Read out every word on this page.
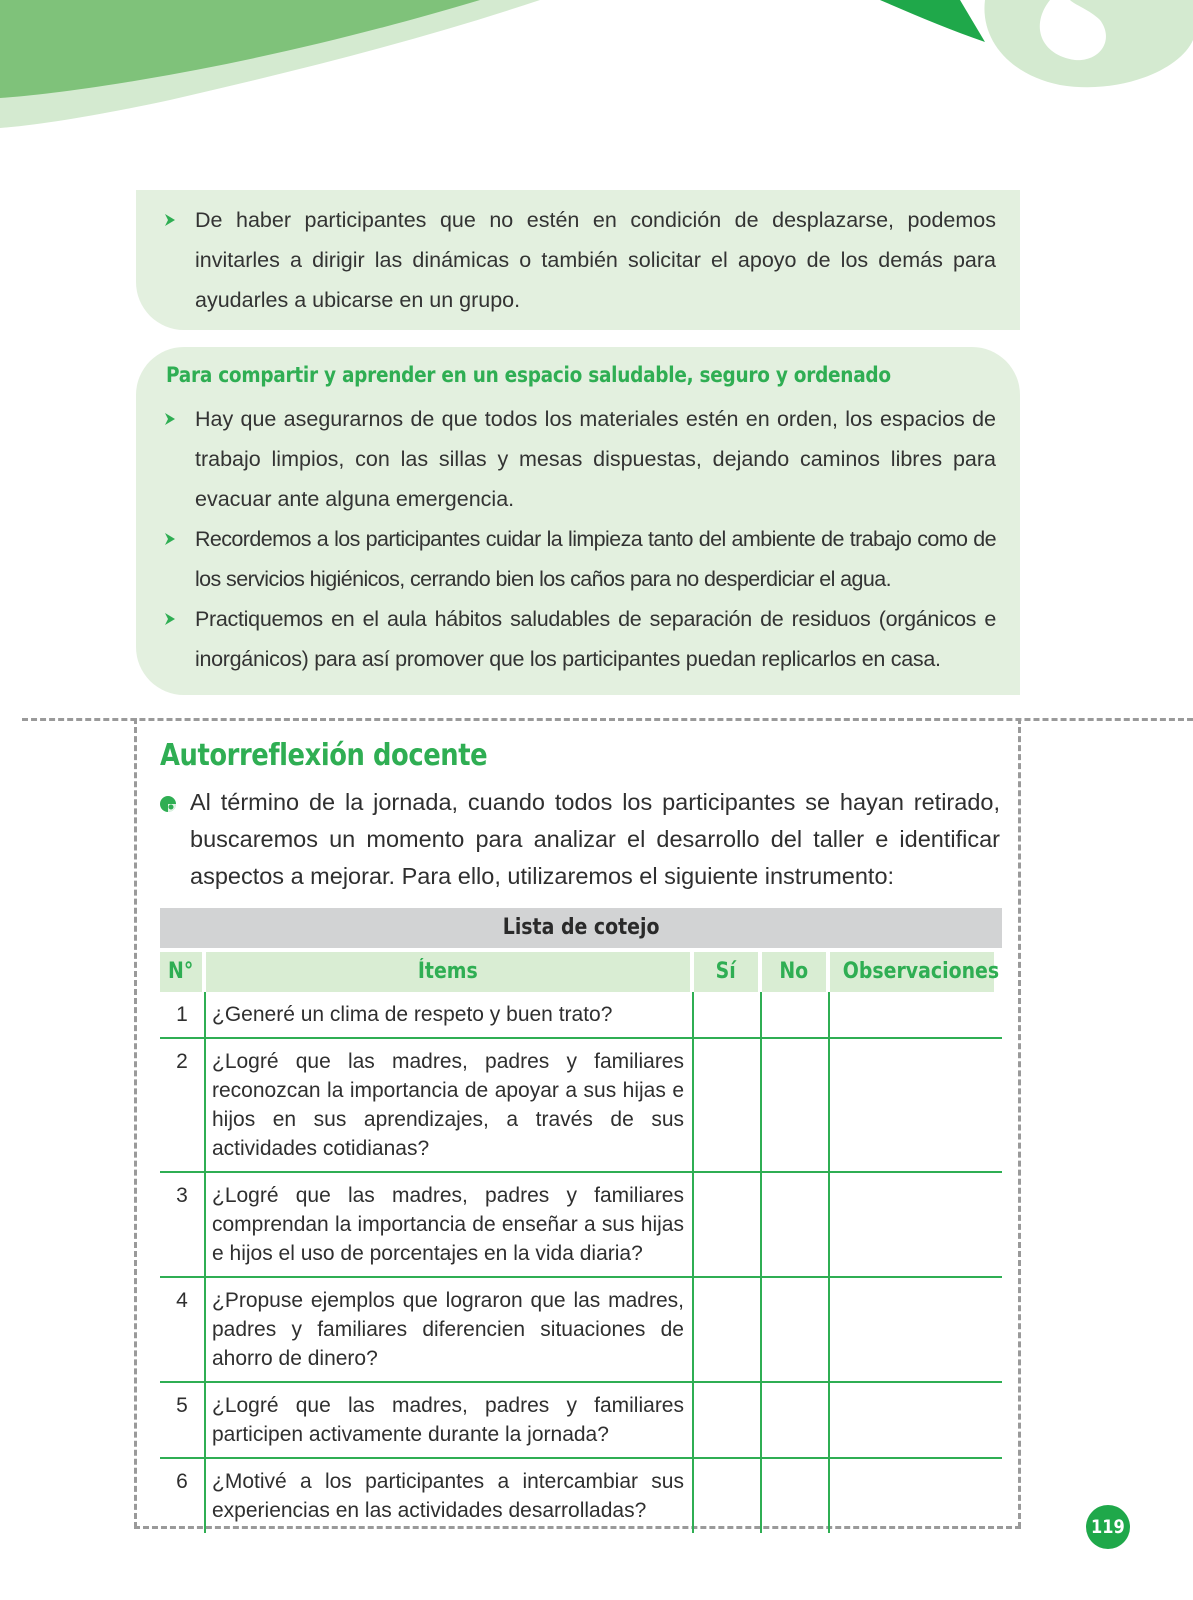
De haber participantes que no estén en condición de desplazarse, podemos invitarles a dirigir las dinámicas o también solicitar el apoyo de los demás para ayudarles a ubicarse en un grupo.
Para compartir y aprender en un espacio saludable, seguro y ordenado
Hay que asegurarnos de que todos los materiales estén en orden, los espacios de trabajo limpios, con las sillas y mesas dispuestas, dejando caminos libres para evacuar ante alguna emergencia.
Recordemos a los participantes cuidar la limpieza tanto del ambiente de trabajo como de los servicios higiénicos, cerrando bien los caños para no desperdiciar el agua.
Practiquemos en el aula hábitos saludables de separación de residuos (orgánicos e inorgánicos) para así promover que los participantes puedan replicarlos en casa.
Autorreflexión docente
Al término de la jornada, cuando todos los participantes se hayan retirado, buscaremos un momento para analizar el desarrollo del taller e identificar aspectos a mejorar. Para ello, utilizaremos el siguiente instrumento:
Lista de cotejo
N°	Ítems	Sí	No	Observaciones
1	¿Generé un clima de respeto y buen trato?
2	¿Logré que las madres, padres y familiares reconozcan la importancia de apoyar a sus hijas e hijos en sus aprendizajes, a través de sus actividades cotidianas?
3	¿Logré que las madres, padres y familiares comprendan la importancia de enseñar a sus hijas e hijos el uso de porcentajes en la vida diaria?
4	¿Propuse ejemplos que lograron que las madres, padres y familiares diferencien situaciones de ahorro de dinero?
5	¿Logré que las madres, padres y familiares participen activamente durante la jornada?
6	¿Motivé a los participantes a intercambiar sus experiencias en las actividades desarrolladas?
119
